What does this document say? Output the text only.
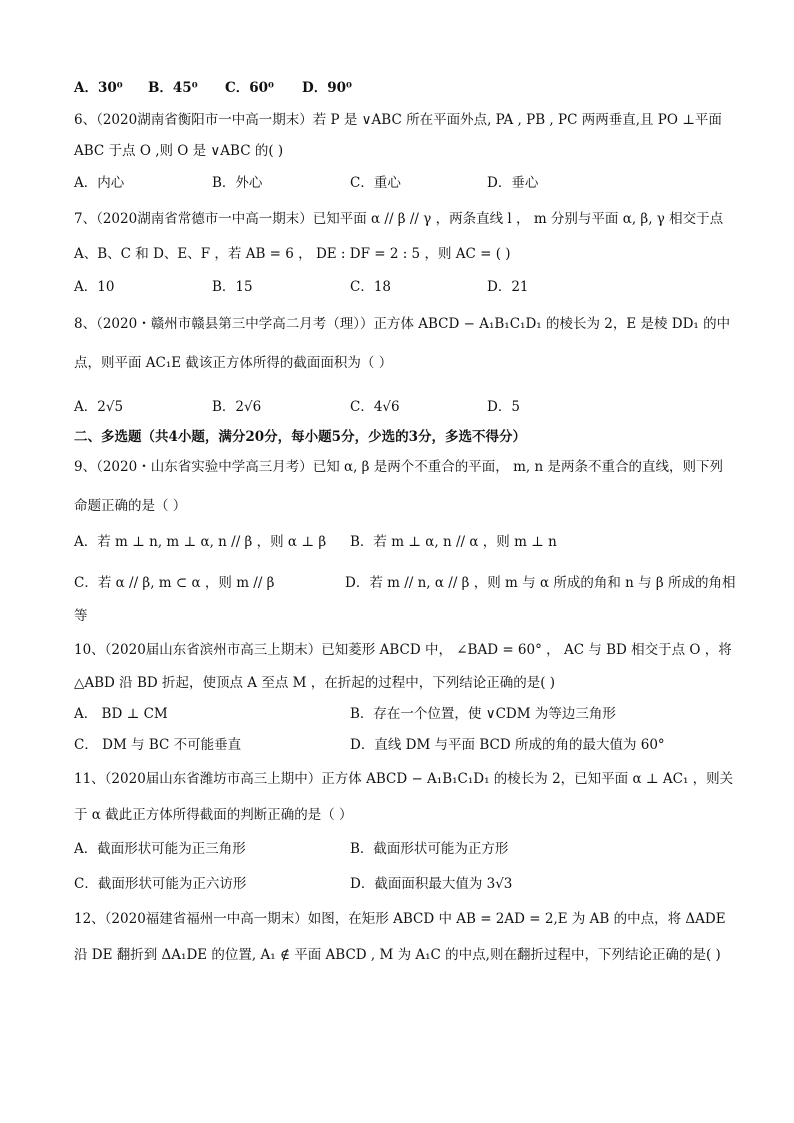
A．30⁰ B．45⁰ C．60⁰ D．90⁰
6、（2020湖南省衡阳市一中高一期末）若 P 是 ∨ABC 所在平面外点, PA , PB , PC 两两垂直,且 PO ⊥平面
ABC 于点 O ,则 O 是 ∨ABC 的( )
A．内心	B．外心	C．重心	D．垂心
7、（2020湖南省常德市一中高一期末）已知平面 α // β // γ ，两条直线 l ， m 分别与平面 α, β, γ 相交于点
A、B、C 和 D、E、F ，若 AB = 6 ， DE : DF = 2 : 5 ，则 AC = ( )
A．10	B．15	C．18	D．21
8、（2020・赣州市赣县第三中学高二月考（理））正方体 ABCD − A₁B₁C₁D₁ 的棱长为 2，E 是棱 DD₁ 的中
点，则平面 AC₁E 截该正方体所得的截面面积为（ ）
A．2√5	B．2√6	C．4√6	D．5
二、多选题（共4小题，满分20分，每小题5分，少选的3分，多选不得分）
9、（2020・山东省实验中学高三月考）已知 α, β 是两个不重合的平面， m, n 是两条不重合的直线，则下列
命题正确的是（ ）
A．若 m ⊥ n, m ⊥ α, n // β ，则 α ⊥ β B．若 m ⊥ α, n // α ，则 m ⊥ n
C．若 α // β, m ⊂ α ，则 m // β	D．若 m // n, α // β ，则 m 与 α 所成的角和 n 与 β 所成的角相
等
10、（2020届山东省滨州市高三上期末）已知菱形 ABCD 中， ∠BAD = 60° ， AC 与 BD 相交于点 O ，将
△ABD 沿 BD 折起，使顶点 A 至点 M ，在折起的过程中，下列结论正确的是( )
A． BD ⊥ CM	B．存在一个位置，使 ∨CDM 为等边三角形
C． DM 与 BC 不可能垂直	D．直线 DM 与平面 BCD 所成的角的最大值为 60°
11、（2020届山东省潍坊市高三上期中）正方体 ABCD − A₁B₁C₁D₁ 的棱长为 2，已知平面 α ⊥ AC₁ ，则关
于 α 截此正方体所得截面的判断正确的是（ ）
A．截面形状可能为正三角形	B．截面形状可能为正方形
C．截面形状可能为正六访形	D．截面面积最大值为 3√3
12、（2020福建省福州一中高一期末）如图，在矩形 ABCD 中 AB = 2AD = 2,E 为 AB 的中点，将 ΔADE
沿 DE 翻折到 ΔA₁DE 的位置, A₁ ∉ 平面 ABCD , M 为 A₁C 的中点,则在翻折过程中，下列结论正确的是( )
